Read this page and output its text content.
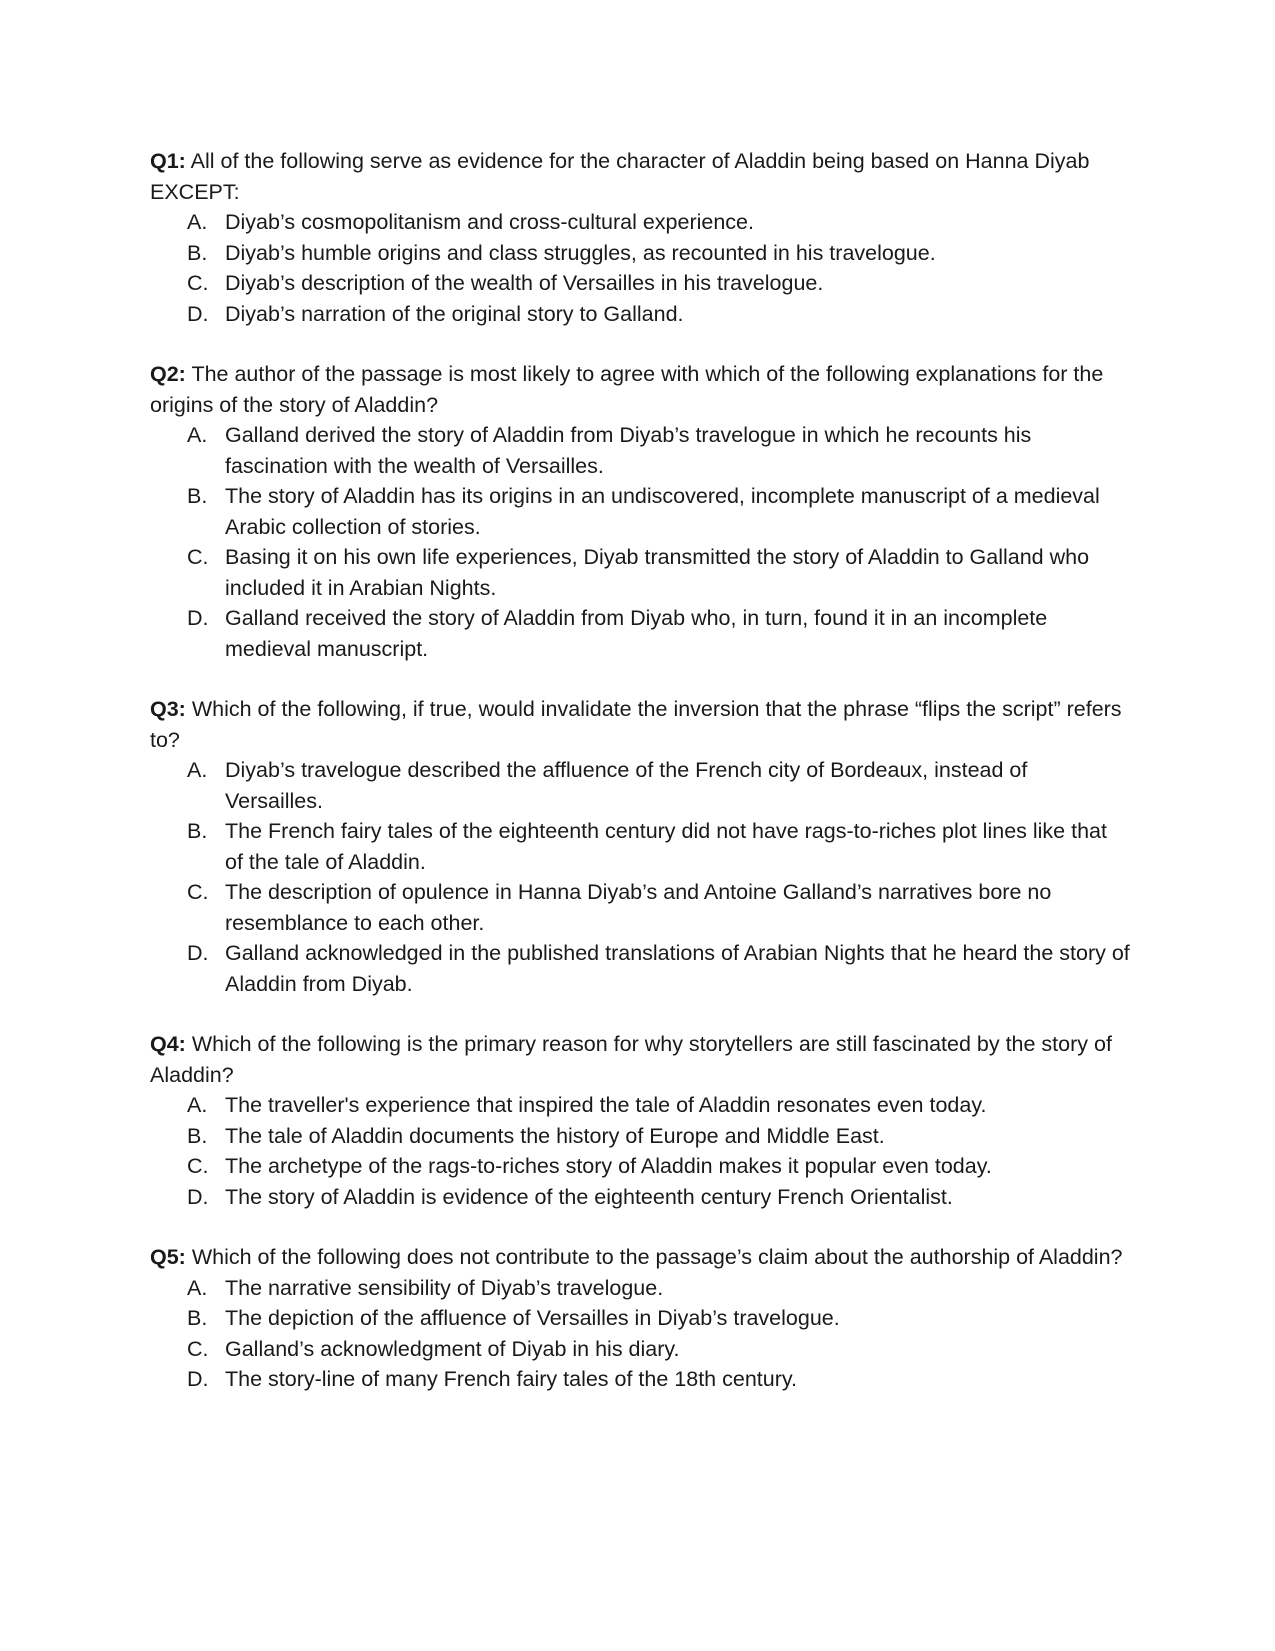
Q1: All of the following serve as evidence for the character of Aladdin being based on Hanna Diyab EXCEPT:

A. Diyab’s cosmopolitanism and cross-cultural experience.
B. Diyab’s humble origins and class struggles, as recounted in his travelogue.
C. Diyab’s description of the wealth of Versailles in his travelogue.
D. Diyab’s narration of the original story to Galland.

Q2: The author of the passage is most likely to agree with which of the following explanations for the origins of the story of Aladdin?

A. Galland derived the story of Aladdin from Diyab’s travelogue in which he recounts his fascination with the wealth of Versailles.
B. The story of Aladdin has its origins in an undiscovered, incomplete manuscript of a medieval Arabic collection of stories.
C. Basing it on his own life experiences, Diyab transmitted the story of Aladdin to Galland who included it in Arabian Nights.
D. Galland received the story of Aladdin from Diyab who, in turn, found it in an incomplete medieval manuscript.

Q3: Which of the following, if true, would invalidate the inversion that the phrase “flips the script” refers to?

A. Diyab’s travelogue described the affluence of the French city of Bordeaux, instead of Versailles.
B. The French fairy tales of the eighteenth century did not have rags-to-riches plot lines like that of the tale of Aladdin.
C. The description of opulence in Hanna Diyab’s and Antoine Galland’s narratives bore no resemblance to each other.
D. Galland acknowledged in the published translations of Arabian Nights that he heard the story of Aladdin from Diyab.

Q4: Which of the following is the primary reason for why storytellers are still fascinated by the story of Aladdin?

A. The traveller's experience that inspired the tale of Aladdin resonates even today.
B. The tale of Aladdin documents the history of Europe and Middle East.
C. The archetype of the rags-to-riches story of Aladdin makes it popular even today.
D. The story of Aladdin is evidence of the eighteenth century French Orientalist.

Q5: Which of the following does not contribute to the passage’s claim about the authorship of Aladdin?

A. The narrative sensibility of Diyab’s travelogue.
B. The depiction of the affluence of Versailles in Diyab’s travelogue.
C. Galland’s acknowledgment of Diyab in his diary.
D. The story-line of many French fairy tales of the 18th century.
